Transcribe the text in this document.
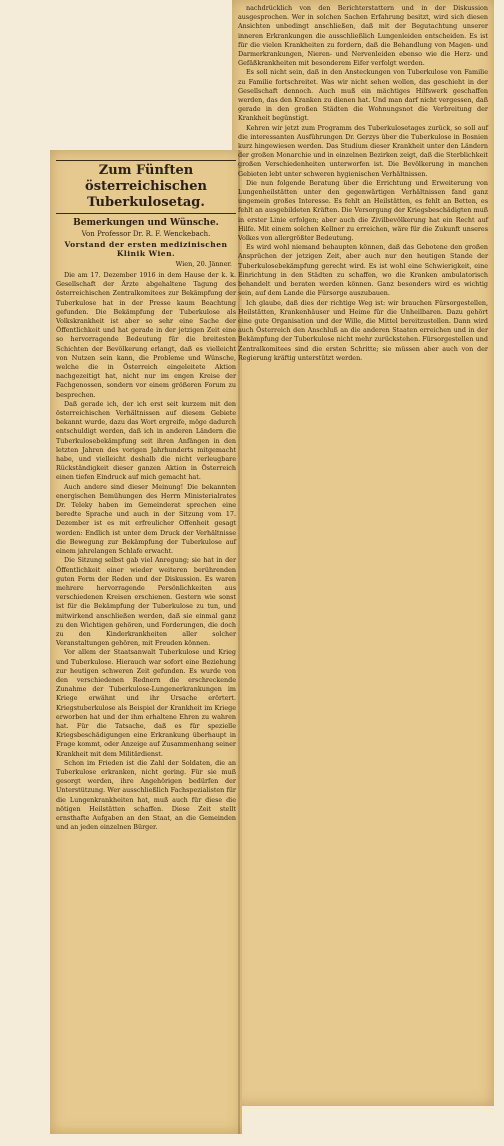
Zum Fünften österreichischen Tuberkulosetag.
Bemerkungen und Wünsche.
Von Professor Dr. R. F. Wenckebach.
Vorstand der ersten medizinischen Klinik Wien.
Wien, 20. Jänner.

Die am 17. Dezember 1916 in dem Hause der k. k. Gesellschaft der Ärzte abgehaltene Tagung des österreichischen Zentralkomitees zur Bekämpfung der Tuberkulose hat in der Presse kaum Beachtung gefunden. Die Bekämpfung der Tuberkulose als Volkskrankheit ist aber so sehr eine Sache der Öffentlichkeit und hat gerade in der jetzigen Zeit eine so hervorragende Bedeutung für die breitesten Schichten der Bevölkerung erlangt, daß es vielleicht von Nutzen sein kann, die Probleme und Wünsche, welche die in Österreich eingeleitete Aktion nachgezeitigt hat, nicht nur im engen Kreise der Fachgenossen, sondern vor einem größeren Forum zu besprechen.

Daß gerade ich, der ich erst seit kurzem mit den österreichischen Verhältnissen auf diesem Gebiete bekannt wurde, dazu das Wort ergreife, möge dadurch entschuldigt werden, daß ich in anderen Ländern die Tuberkulosebekämpfung seit ihren Anfängen in den letzten Jahren des vorigen Jahrhunderts mitgemacht habe, und vielleicht deshalb die nicht verleugbare Rückständigkeit dieser ganzen Aktion in Österreich einen tiefen Eindruck auf mich gemacht hat.

Auch andere sind dieser Meinung! Die bekannten energischen Bemühungen des Herrn Ministerialrates Dr. Teleky haben im Gemeinderat sprechen eine beredte Sprache und auch in der Sitzung vom 17. Dezember ist es mit erfreulicher Offenheit gesagt worden: Endlich ist unter dem Druck der Verhältnisse die Bewegung zur Bekämpfung der Tuberkulose auf einem jahrelangen Schlafe erwacht.

Die Sitzung selbst gab viel Anregung; sie hat in der Öffentlichkeit einer wieder weiteren berührenden guten Form der Reden und der Diskussion. Es waren mehrere hervorragende Persönlichkeiten aus verschiedenen Kreisen erschienen. Gestern wie sonst ist für die Bekämpfung der Tuberkulose zu tun, und mitwirkend anschließen werden, daß sie einmal ganz zu den Wichtigen gehören, und Forderungen, die doch zu den Kinderkrankheiten aller solcher Veranstaltungen gehören, mit Freuden können.

Vor allem der Staatsanwalt Tuberkulose und Krieg und Tuberkulose. Hierauch war sofort eine Beziehung zur heutigen schweren Zeit gefunden. Es wurde von den verschiedenen Rednern die erschreckende Zunahme der Tuberkulose-Lungenerkrankungen im Kriege erwähnt und ihr Ursache erörtert. Kriegstuberkulose als Beispiel der Krankheit im Kriege erworben hat und der ihm erhaltene Ehren zu wahren hat. Für die Tatsache, daß es für spezielle Kriegsbeschädigungen eine Erkrankung überhaupt in Frage kommt, oder Anzeige auf Zusammenhang seiner Krankheit mit dem Militärdienst.

Schon im Frieden ist die Zahl der Soldaten, die an Tuberkulose erkranken, nicht gering. Für sie muß gesorgt werden, ihre Angehörigen bedürfen der Unterstützung. Wer ausschließlich Fachspezialisten für die Lungenkrankheiten hat, muß auch für diese die nötigen Heilstätten schaffen. Diese Zeit stellt ernsthafte Aufgaben an den Staat, an die Gemeinden und an jeden einzelnen Bürger.

nachdrücklich von den Berichterstattern und in der Diskussion ausgesprochen. Wer in solchen Sachen Erfahrung besitzt, wird sich diesen Ansichten unbedingt anschließen, daß mit der Begutachtung unserer inneren Erkrankungen die ausschließlich Lungenleiden entscheiden. Es ist für die vielen Krankheiten zu fordern, daß die Behandlung von Magen- und Darmerkrankungen, Nieren- und Nervenleiden ebenso wie die Herz- und Gefäßkrankheiten mit besonderem Eifer verfolgt werden.

Es soll nicht sein, daß in den Ansteckungen von Tuberkulose von Familie zu Familie fortschreitet. Was wir nicht sehen wollen, das geschieht in der Gesellschaft dennoch. Auch muß ein mächtiges Hilfswerk geschaffen werden, das den Kranken zu dienen hat. Und man darf nicht vergessen, daß gerade in den großen Städten die Wohnungsnot die Verbreitung der Krankheit begünstigt.

Kehren wir jetzt zum Programm des Tuberkulosetages zurück, so soll auf die interessanten Ausführungen Dr. Gerzys über die Tuberkulose in Bosnien kurz hingewiesen werden. Das Studium dieser Krankheit unter den Ländern der großen Monarchie und in einzelnen Bezirken zeigt, daß die Sterblichkeit großen Verschiedenheiten unterworfen ist. Die Bevölkerung in manchen Gebieten lebt unter schweren hygienischen Verhältnissen.

Die nun folgende Beratung über die Errichtung und Erweiterung von Lungenheilstätten unter den gegenwärtigen Verhältnissen fand ganz ungemein großes Interesse. Es fehlt an Heilstätten, es fehlt an Betten, es fehlt an ausgebildeten Kräften. Die Versorgung der Kriegsbeschädigten muß in erster Linie erfolgen; aber auch die Zivilbevölkerung hat ein Recht auf Hilfe. Mit einem solchen Kellner zu erreichen, wäre für die Zukunft unseres Volkes von allergrößter Bedeutung.

Es wird wohl niemand behaupten können, daß das Gebotene den großen Ansprüchen der jetzigen Zeit, aber auch nur den heutigen Stande der Tuberkulosebekämpfung gerecht wird. Es ist wohl eine Schwierigkeit, eine Einrichtung in den Städten zu schaffen, wo die Kranken ambulatorisch behandelt und beraten werden können. Ganz besonders wird es wichtig sein, auf dem Lande die Fürsorge auszubauen.

Ich glaube, daß dies der richtige Weg ist: wir brauchen Fürsorgestellen, Heilstätten, Krankenhäuser und Heime für die Unheilbaren. Dazu gehört eine gute Organisation und der Wille, die Mittel bereitzustellen. Dann wird auch Österreich den Anschluß an die anderen Staaten erreichen und in der Bekämpfung der Tuberkulose nicht mehr zurückstehen. Fürsorgestellen und Zentralkomitees sind die ersten Schritte; sie müssen aber auch von der Regierung kräftig unterstützt werden.
